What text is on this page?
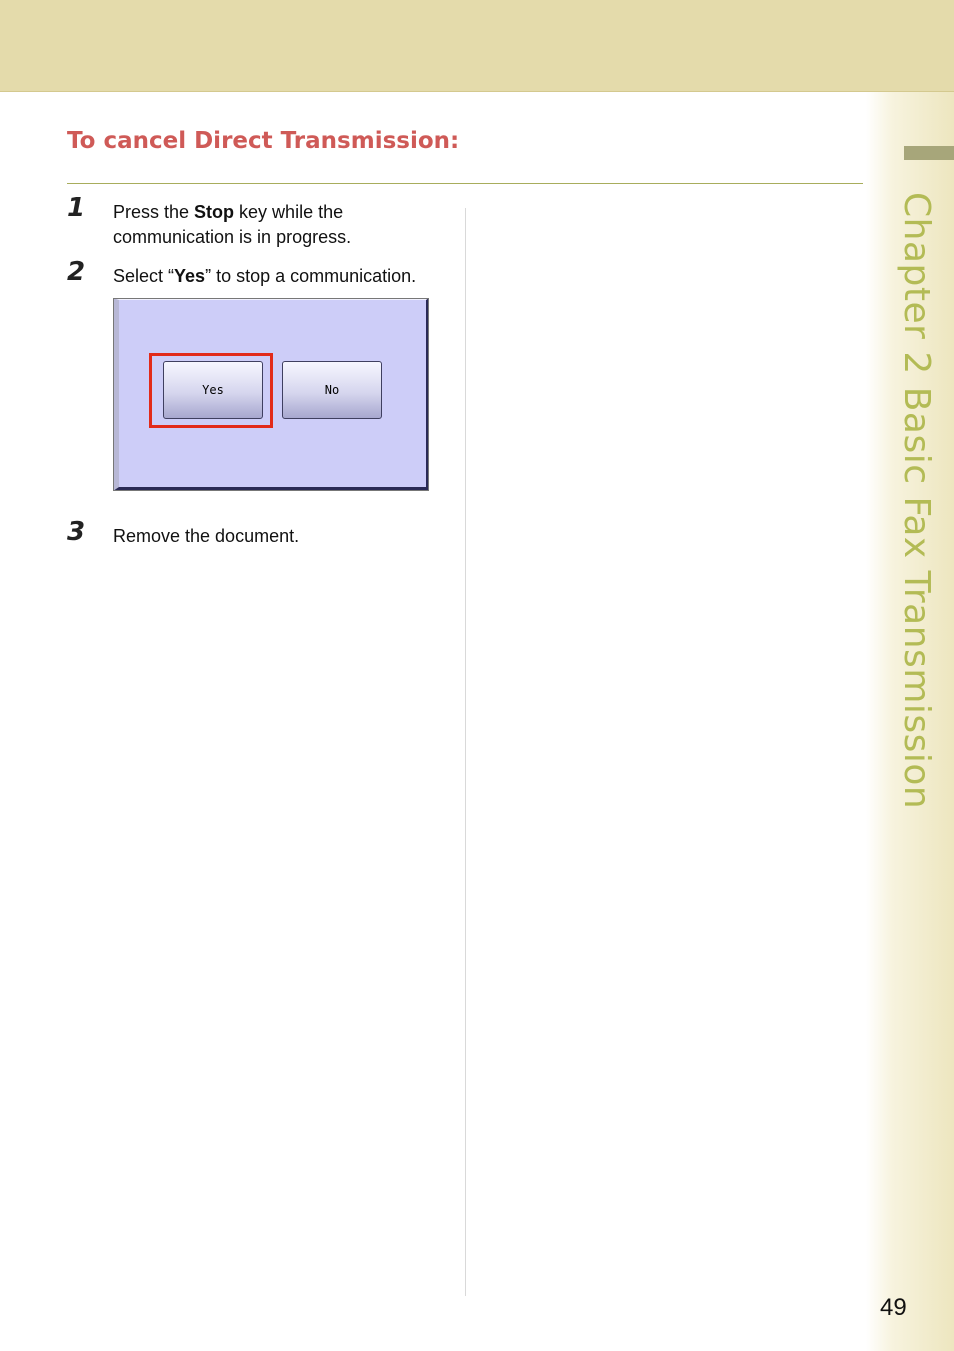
Chapter 2 Basic Fax Transmission
To cancel Direct Transmission:
1 Press the Stop key while the communication is in progress.
2 Select “Yes” to stop a communication.
Yes	No
3 Remove the document.
49
